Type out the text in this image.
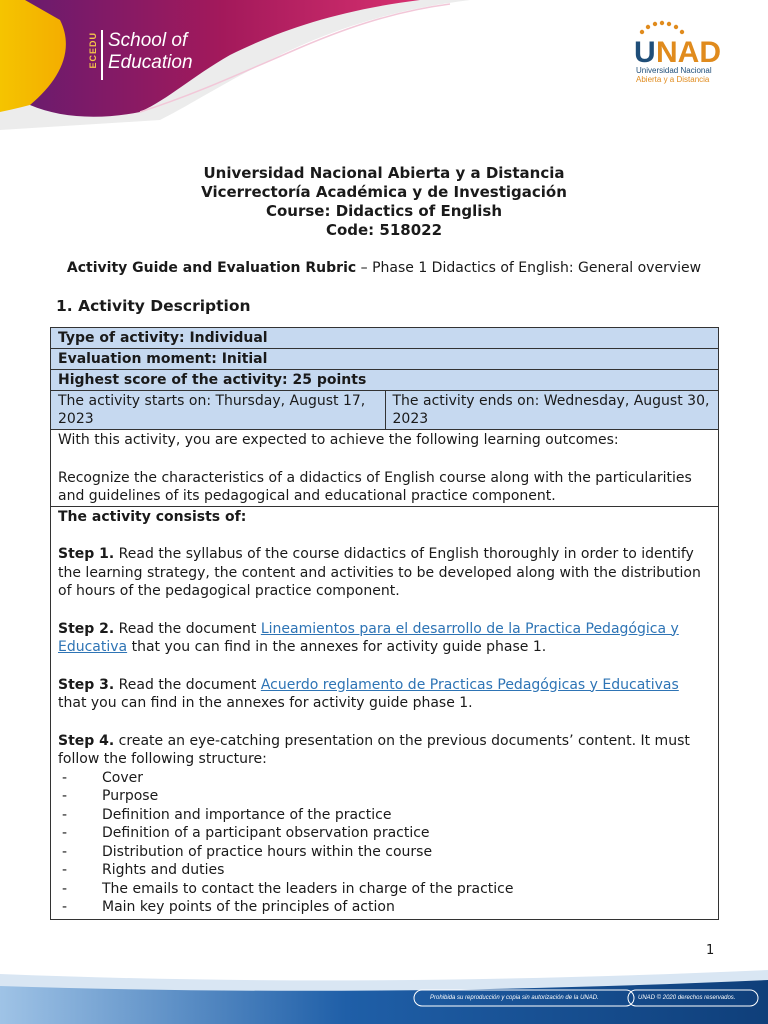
ECEDU School of
Education	U NAD
Universidad Nacional
Abierta y a Distancia
Universidad Nacional Abierta y a Distancia
Vicerrectoría Académica y de Investigación
Course: Didactics of English
Code: 518022
Activity Guide and Evaluation Rubric – Phase 1 Didactics of English: General overview
1. Activity Description
Type of activity: Individual
Evaluation moment: Initial
Highest score of the activity: 25 points
The activity starts on: Thursday, August 17, 2023
The activity ends on: Wednesday, August 30, 2023

With this activity, you are expected to achieve the following learning outcomes:

Recognize the characteristics of a didactics of English course along with the particularities and guidelines of its pedagogical and educational practice component.

The activity consists of:

Step 1. Read the syllabus of the course didactics of English thoroughly in order to identify the learning strategy, the content and activities to be developed along with the distribution of hours of the pedagogical practice component.

Step 2. Read the document Lineamientos para el desarrollo de la Practica Pedagógica y Educativa that you can find in the annexes for activity guide phase 1.

Step 3. Read the document Acuerdo reglamento de Practicas Pedagógicas y Educativas that you can find in the annexes for activity guide phase 1.

Step 4. create an eye-catching presentation on the previous documents’ content. It must follow the following structure:

- Cover
- Purpose
- Definition and importance of the practice
- Definition of a participant observation practice
- Distribution of practice hours within the course
- Rights and duties
- The emails to contact the leaders in charge of the practice
- Main key points of the principles of action
1
Prohibida su reproducción y copia sin autorización de la UNAD.	UNAD © 2020 derechos reservados.
